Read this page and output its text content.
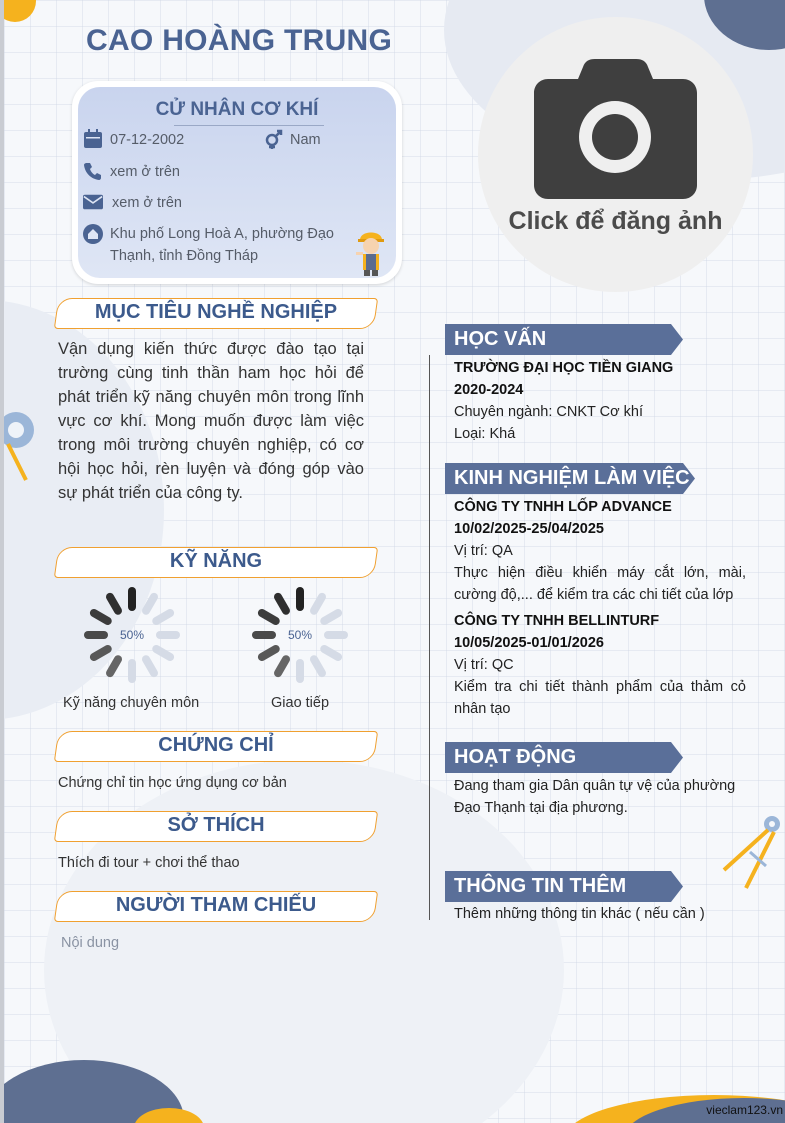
CAO HOÀNG TRUNG
CỬ NHÂN CƠ KHÍ
07-12-2002	Nam
xem ở trên
xem ở trên
Khu phố Long Hoà A, phường Đạo
Thạnh, tỉnh Đồng Tháp
Click để đăng ảnh
MỤC TIÊU NGHỀ NGHIỆP
Vận dụng kiến thức được đào tạo tại trường cùng tinh thần ham học hỏi để phát triển kỹ năng chuyên môn trong lĩnh vực cơ khí. Mong muốn được làm việc trong môi trường chuyên nghiệp, có cơ hội học hỏi, rèn luyện và đóng góp vào sự phát triển của công ty.
KỸ NĂNG
50%	50%
Kỹ năng chuyên môn	Giao tiếp
CHỨNG CHỈ
Chứng chỉ tin học ứng dụng cơ bản
SỞ THÍCH
Thích đi tour + chơi thể thao
NGƯỜI THAM CHIẾU
Nội dung
HỌC VẤN
TRƯỜNG ĐẠI HỌC TIỀN GIANG
2020-2024
Chuyên ngành: CNKT Cơ khí
Loại: Khá
KINH NGHIỆM LÀM VIỆC
CÔNG TY TNHH LỐP ADVANCE
10/02/2025-25/04/2025
Vị trí: QA
Thực hiện điều khiển máy cắt lớn, mài, cường độ,... để kiểm tra các chi tiết của lớp
CÔNG TY TNHH BELLINTURF
10/05/2025-01/01/2026
Vị trí: QC
Kiểm tra chi tiết thành phẩm của thảm cỏ nhân tạo
HOẠT ĐỘNG
Đang tham gia Dân quân tự vệ của phường Đạo Thạnh tại địa phương.
THÔNG TIN THÊM
Thêm những thông tin khác ( nếu cần )
vieclam123.vn
